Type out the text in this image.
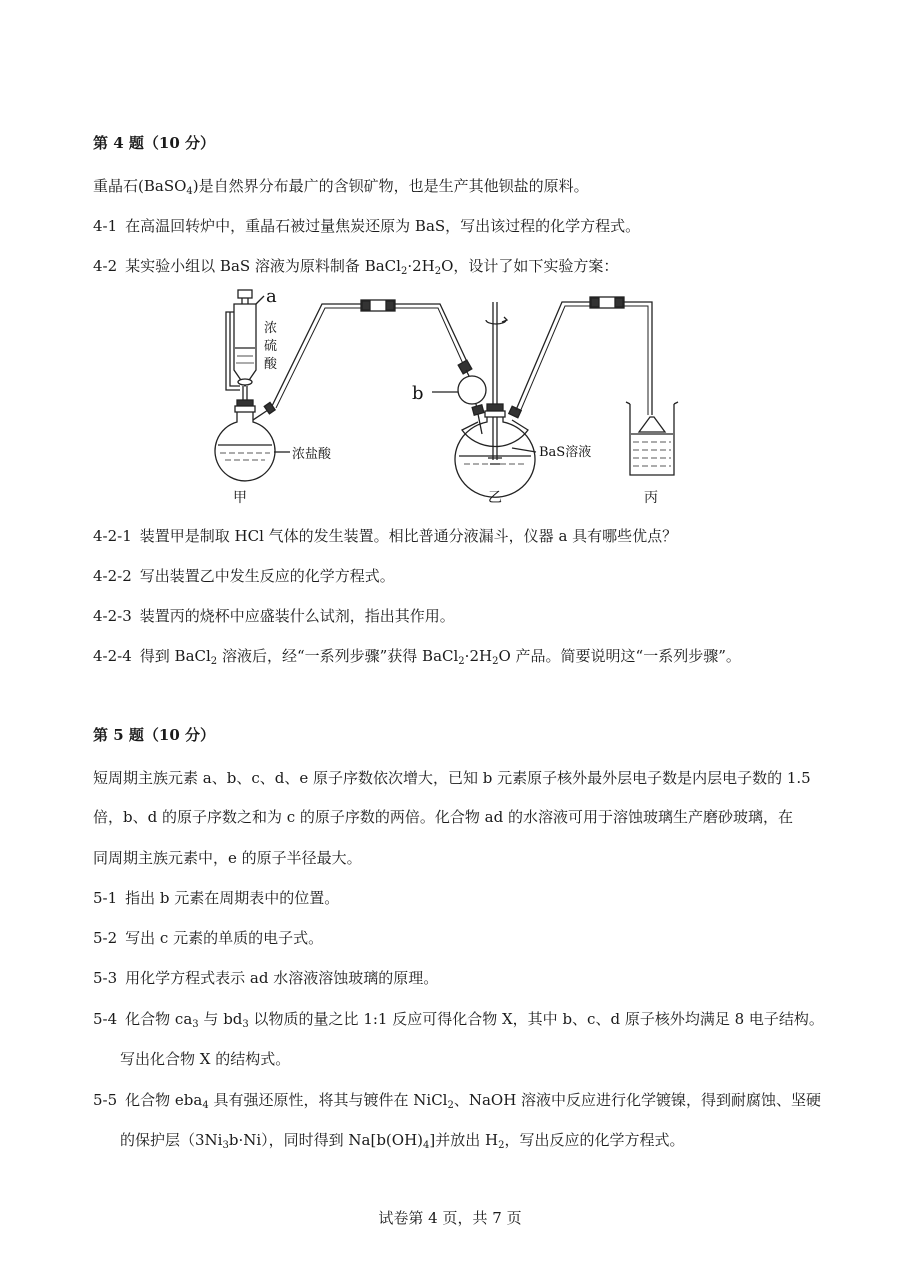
第 4 题（10 分）
重晶石(BaSO$_4$)是自然界分布最广的含钡矿物，也是生产其他钡盐的原料。
4-1 在高温回转炉中，重晶石被过量焦炭还原为 BaS，写出该过程的化学方程式。
4-2 某实验小组以 BaS 溶液为原料制备 $BaCl_2\cdot 2H_2O$，设计了如下实验方案：
a
浓
硫
酸
浓盐酸
b
BaS溶液
甲	乙	丙
4-2-1 装置甲是制取 HCl 气体的发生装置。相比普通分液漏斗，仪器 a 具有哪些优点？
4-2-2 写出装置乙中发生反应的化学方程式。
4-2-3 装置丙的烧杯中应盛装什么试剂，指出其作用。
4-2-4 得到 BaCl$_2$ 溶液后，经“一系列步骤”获得 $BaCl_2\cdot 2H_2O$ 产品。简要说明这“一系列步骤”。
第 5 题（10 分）
短周期主族元素 a、b、c、d、e 原子序数依次增大，已知 b 元素原子核外最外层电子数是内层电子数的 1.5
倍，b、d 的原子序数之和为 c 的原子序数的两倍。化合物 ad 的水溶液可用于溶蚀玻璃生产磨砂玻璃，在
同周期主族元素中，e 的原子半径最大。
5-1 指出 b 元素在周期表中的位置。
5-2 写出 c 元素的单质的电子式。
5-3 用化学方程式表示 ad 水溶液溶蚀玻璃的原理。
5-4 化合物 $ca_3$ 与 $bd_3$ 以物质的量之比 1:1 反应可得化合物 X，其中 b、c、d 原子核外均满足 8 电子结构。
写出化合物 X 的结构式。
5-5 化合物 eba$_4$ 具有强还原性，将其与镀件在 NiCl$_2$、NaOH 溶液中反应进行化学镀镍，得到耐腐蚀、坚硬
的保护层$(3Ni_3b\cdot Ni)$，同时得到 $Na[b(OH)_4]$并放出 $H_2$，写出反应的化学方程式。
试卷第 4 页，共 7 页
